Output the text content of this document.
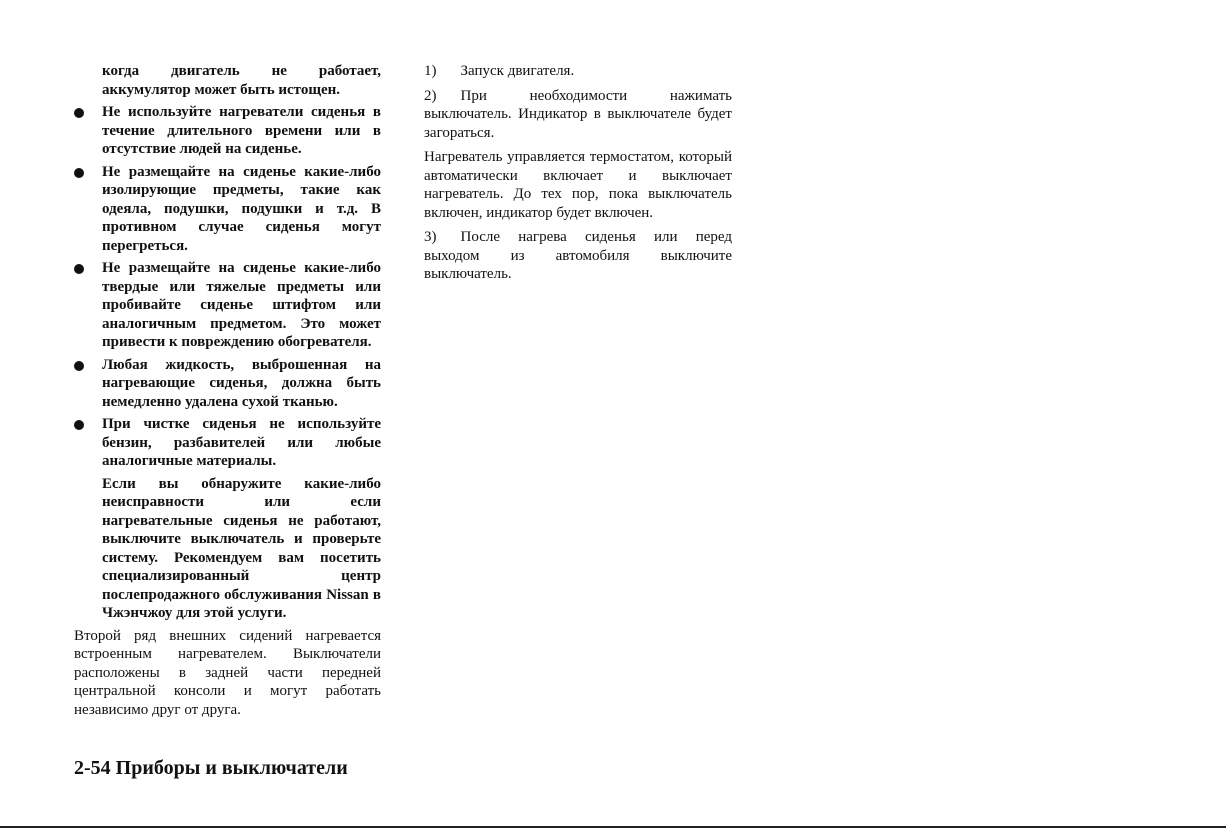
когда двигатель не работает, аккумулятор может быть истощен.

Не используйте нагреватели сиденья в течение длительного времени или в отсутствие людей на сиденье.

Не размещайте на сиденье какие-либо изолирующие предметы, такие как одеяла, подушки, подушки и т.д. В противном случае сиденья могут перегреться.

Не размещайте на сиденье какие-либо твердые или тяжелые предметы или пробивайте сиденье штифтом или аналогичным предметом. Это может привести к повреждению обогревателя.

Любая жидкость, выброшенная на нагревающие сиденья, должна быть немедленно удалена сухой тканью.

При чистке сиденья не используйте бензин, разбавителей или любые аналогичные материалы.

Если вы обнаружите какие-либо неисправности или если нагревательные сиденья не работают, выключите выключатель и проверьте систему. Рекомендуем вам посетить специализированный центр послепродажного обслуживания Nissan в Чжэнчжоу для этой услуги.

Второй ряд внешних сидений нагревается встроенным нагревателем. Выключатели расположены в задней части передней центральной консоли и могут работать независимо друг от друга.

1) Запуск двигателя.

2) При необходимости нажимать выключатель. Индикатор в выключателе будет загораться.

Нагреватель управляется термостатом, который автоматически включает и выключает нагреватель. До тех пор, пока выключатель включен, индикатор будет включен.

3) После нагрева сиденья или перед выходом из автомобиля выключите выключатель.

2-54 Приборы и выключатели
